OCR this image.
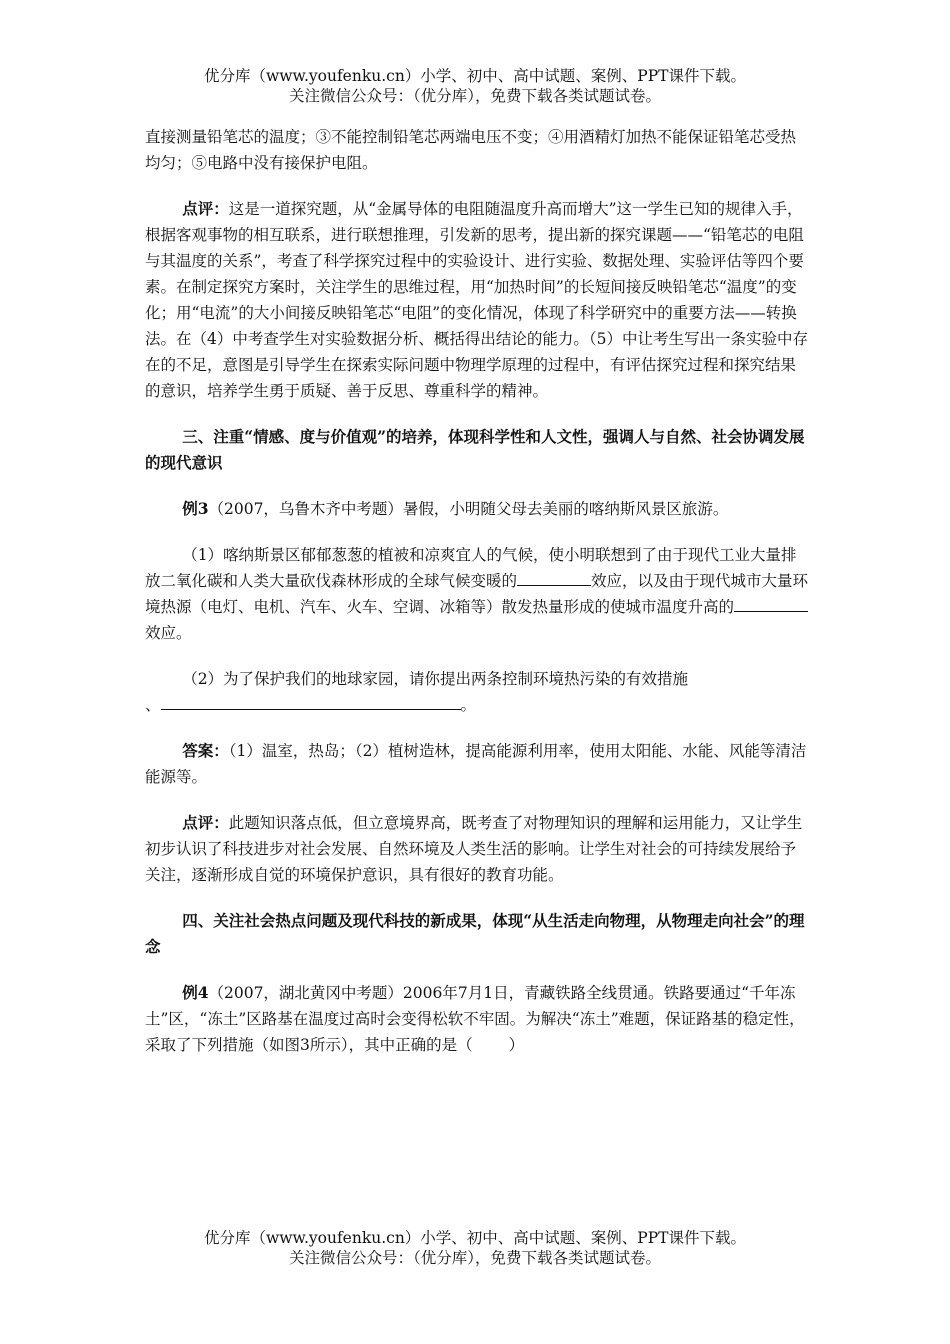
优分库（www.youfenku.cn）小学、初中、高中试题、案例、PPT课件下载。
关注微信公众号：（优分库），免费下载各类试题试卷。

直接测量铅笔芯的温度；③不能控制铅笔芯两端电压不变；④用酒精灯加热不能保证铅笔芯受热均匀；⑤电路中没有接保护电阻。

点评：这是一道探究题，从“金属导体的电阻随温度升高而增大”这一学生已知的规律入手，根据客观事物的相互联系，进行联想推理，引发新的思考，提出新的探究课题——“铅笔芯的电阻与其温度的关系”，考查了科学探究过程中的实验设计、进行实验、数据处理、实验评估等四个要素。在制定探究方案时，关注学生的思维过程，用“加热时间”的长短间接反映铅笔芯“温度”的变化；用“电流”的大小间接反映铅笔芯“电阻”的变化情况，体现了科学研究中的重要方法——转换法。在（4）中考查学生对实验数据分析、概括得出结论的能力。（5）中让考生写出一条实验中存在的不足，意图是引导学生在探索实际问题中物理学原理的过程中，有评估探究过程和探究结果的意识，培养学生勇于质疑、善于反思、尊重科学的精神。

三、注重“情感、度与价值观”的培养，体现科学性和人文性，强调人与自然、社会协调发展的现代意识

例3（2007，乌鲁木齐中考题）暑假，小明随父母去美丽的喀纳斯风景区旅游。

（1）喀纳斯景区郁郁葱葱的植被和凉爽宜人的气候，使小明联想到了由于现代工业大量排放二氧化碳和人类大量砍伐森林形成的全球气候变暖的	效应，以及由于现代城市大量环境热源（电灯、电机、汽车、火车、空调、冰箱等）散发热量形成的使城市温度升高的效应。

（2）为了保护我们的地球家园，请你提出两条控制环境热污染的有效措施

、	。

答案：（1）温室，热岛；（2）植树造林，提高能源利用率，使用太阳能、水能、风能等清洁能源等。

点评：此题知识落点低，但立意境界高，既考查了对物理知识的理解和运用能力，又让学生初步认识了科技进步对社会发展、自然环境及人类生活的影响。让学生对社会的可持续发展给予关注，逐渐形成自觉的环境保护意识，具有很好的教育功能。

四、关注社会热点问题及现代科技的新成果，体现“从生活走向物理，从物理走向社会”的理念

例4（2007，湖北黄冈中考题）2006年7月1日，青藏铁路全线贯通。铁路要通过“千年冻土”区，“冻土”区路基在温度过高时会变得松软不牢固。为解决“冻土”难题，保证路基的稳定性，采取了下列措施（如图3所示），其中正确的是（ ）

优分库（www.youfenku.cn）小学、初中、高中试题、案例、PPT课件下载。
关注微信公众号：（优分库），免费下载各类试题试卷。
